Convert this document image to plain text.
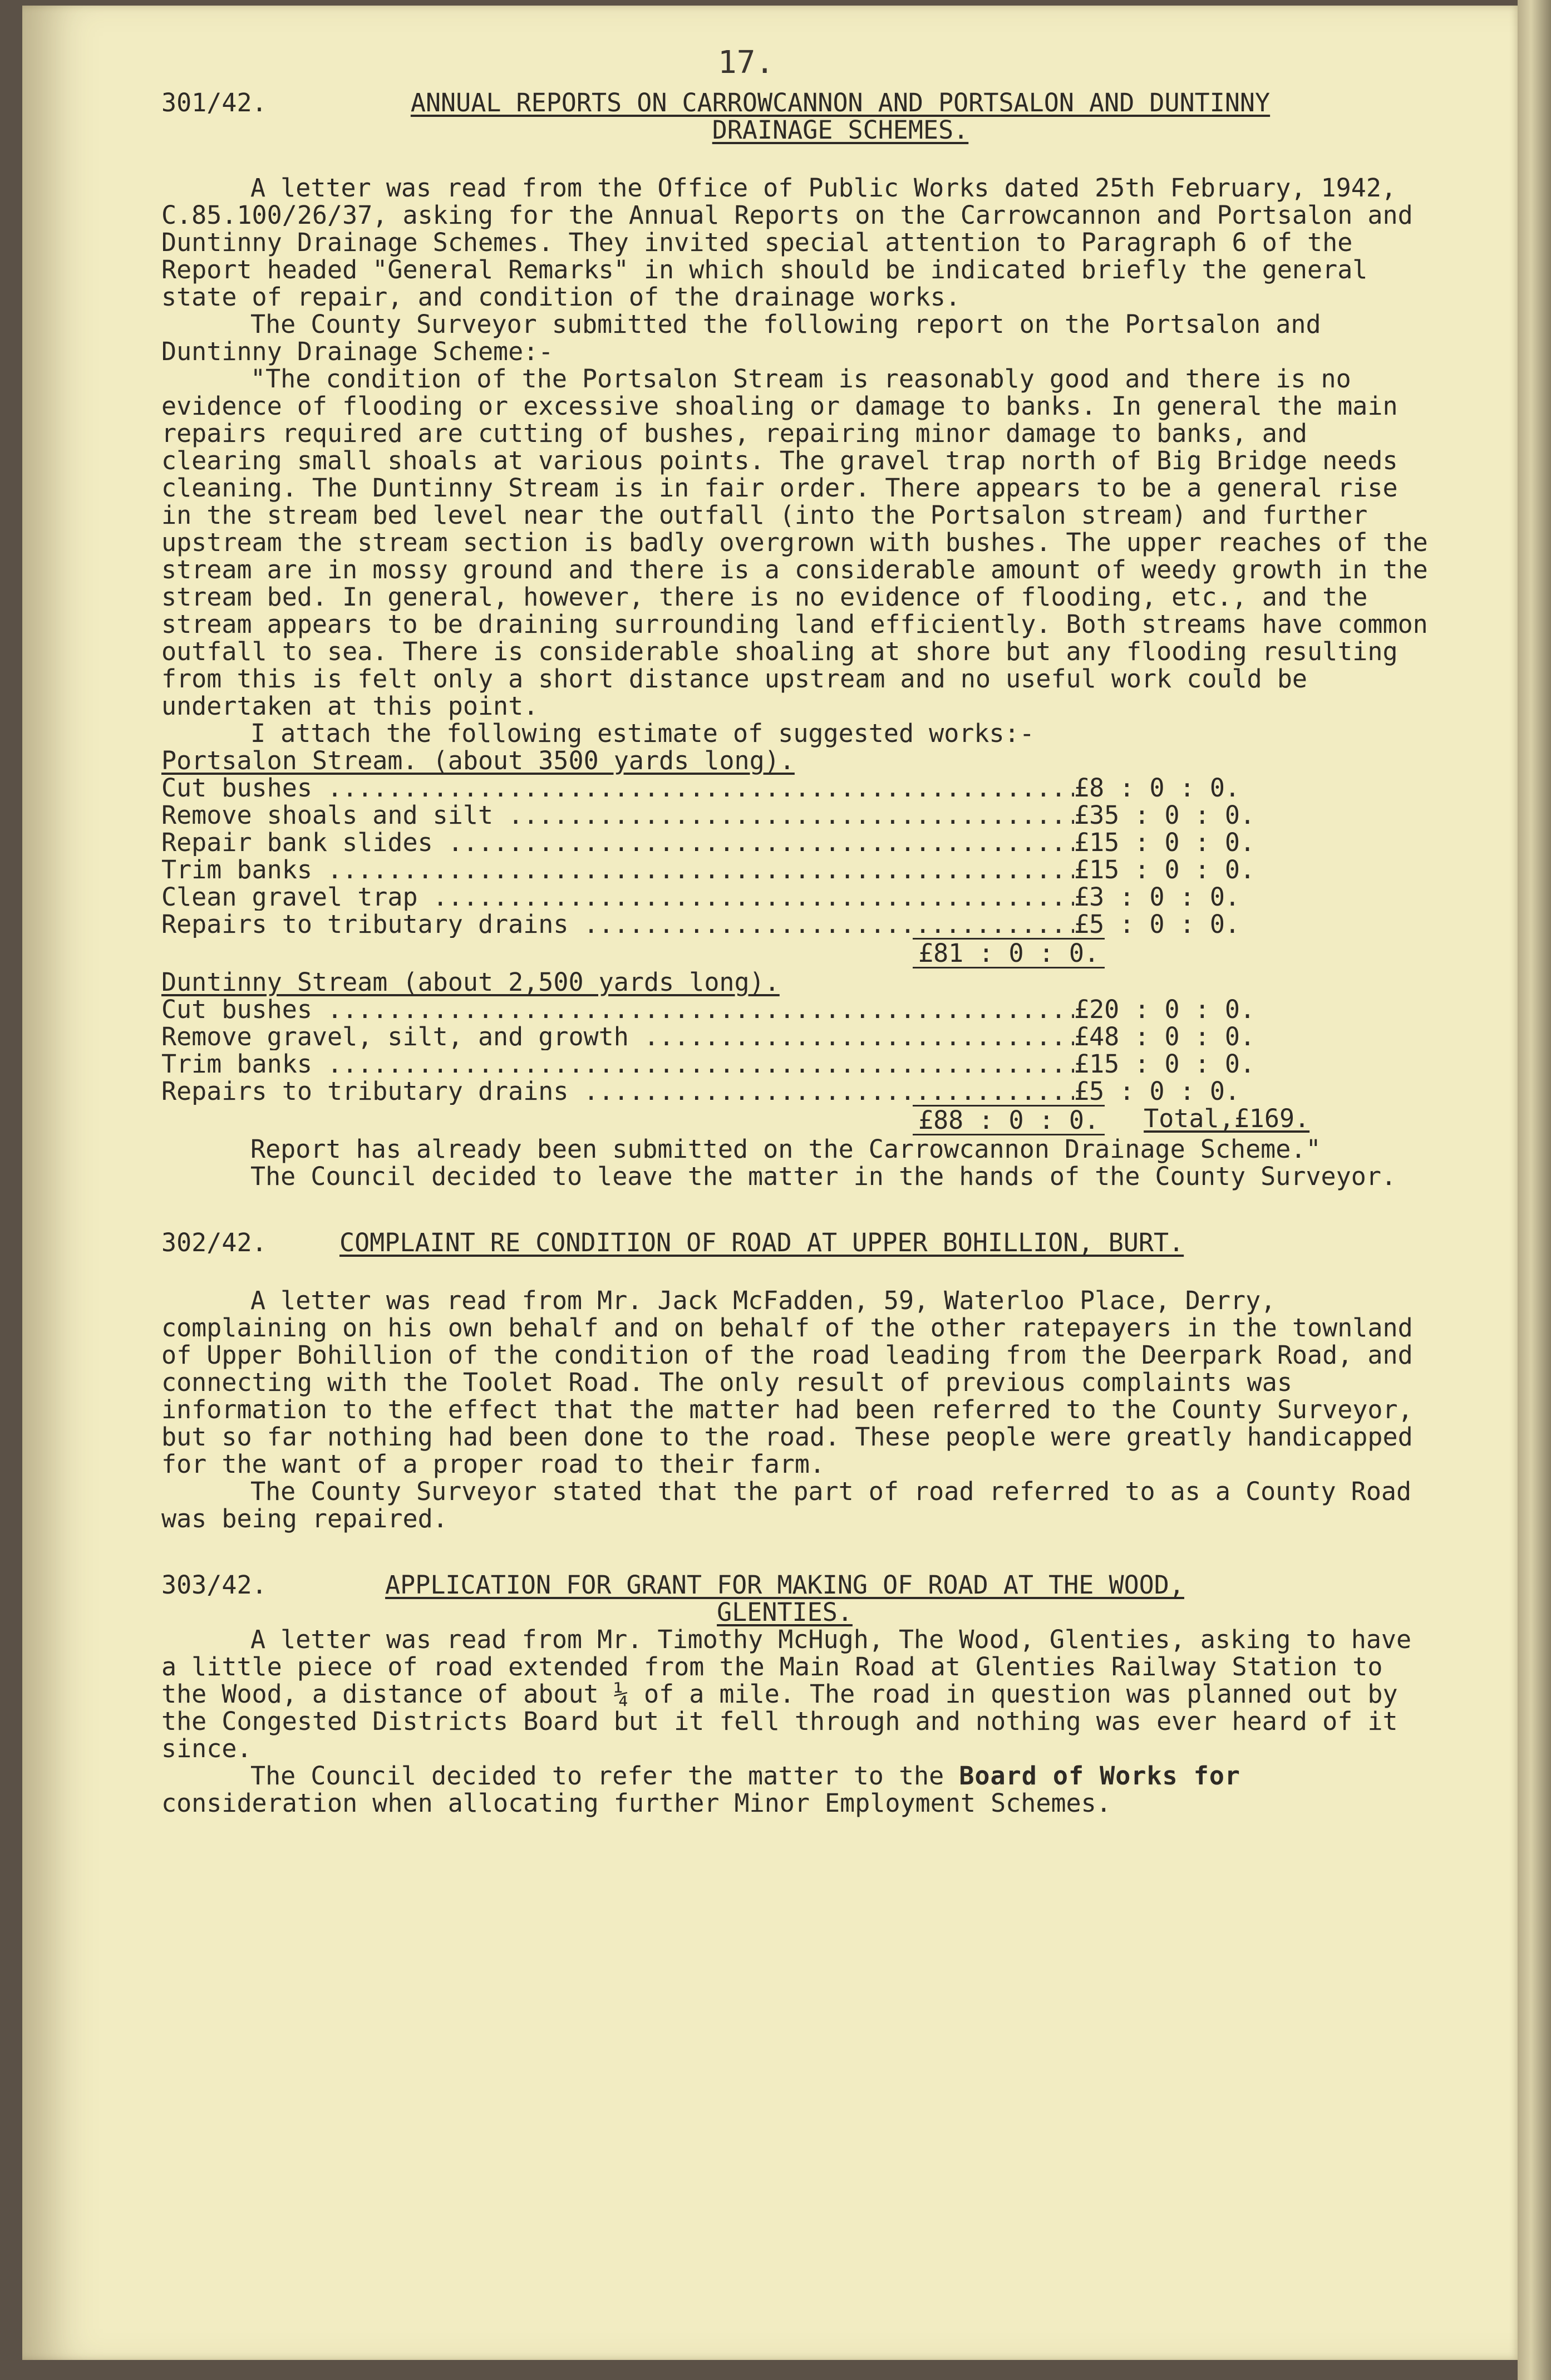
17.
301/42.	ANNUAL REPORTS ON CARROWCANNON AND PORTSALON AND DUNTINNY
DRAINAGE SCHEMES.

A letter was read from the Office of Public Works dated 25th February, 1942, C.85.100/26/37, asking for the Annual Reports on the Carrowcannon and Portsalon and Duntinny Drainage Schemes. They invited special attention to Paragraph 6 of the Report headed "General Remarks" in which should be indicated briefly the general state of repair, and condition of the drainage works.

The County Surveyor submitted the following report on the Portsalon and Duntinny Drainage Scheme:-

"The condition of the Portsalon Stream is reasonably good and there is no evidence of flooding or excessive shoaling or damage to banks. In general the main repairs required are cutting of bushes, repairing minor damage to banks, and clearing small shoals at various points. The gravel trap north of Big Bridge needs cleaning. The Duntinny Stream is in fair order. There appears to be a general rise in the stream bed level near the outfall (into the Portsalon stream) and further upstream the stream section is badly overgrown with bushes. The upper reaches of the stream are in mossy ground and there is a considerable amount of weedy growth in the stream bed. In general, however, there is no evidence of flooding, etc., and the stream appears to be draining surrounding land efficiently. Both streams have common outfall to sea. There is considerable shoaling at shore but any flooding resulting from this is felt only a short distance upstream and no useful work could be undertaken at this point.

I attach the following estimate of suggested works:-

Portsalon Stream. (about 3500 yards long).
Cut bushes .....	£8 : 0 : 0.
Remove shoals and silt .....	£35 : 0 : 0.
Repair bank slides .....	£15 : 0 : 0.
Trim banks .....	£15 : 0 : 0.
Clean gravel trap .....	£3 : 0 : 0.
Repairs to tributary drains .....	£5 : 0 : 0.
£81 : 0 : 0.
Duntinny Stream (about 2,500 yards long).
Cut bushes .....	£20 : 0 : 0.
Remove gravel, silt, and growth .....	£48 : 0 : 0.
Trim banks .....	£15 : 0 : 0.
Repairs to tributary drains .....	£5 : 0 : 0.
£88 : 0 : 0. Total,£169.

Report has already been submitted on the Carrowcannon Drainage Scheme."

The Council decided to leave the matter in the hands of the County Surveyor.

302/42.	COMPLAINT RE CONDITION OF ROAD AT UPPER BOHILLION, BURT.

A letter was read from Mr. Jack McFadden, 59, Waterloo Place, Derry, complaining on his own behalf and on behalf of the other ratepayers in the townland of Upper Bohillion of the condition of the road leading from the Deerpark Road, and connecting with the Toolet Road. The only result of previous complaints was information to the effect that the matter had been referred to the County Surveyor, but so far nothing had been done to the road. These people were greatly handicapped for the want of a proper road to their farm.

The County Surveyor stated that the part of road referred to as a County Road was being repaired.

303/42.	APPLICATION FOR GRANT FOR MAKING OF ROAD AT THE WOOD,
GLENTIES.

A letter was read from Mr. Timothy McHugh, The Wood, Glenties, asking to have a little piece of road extended from the Main Road at Glenties Railway Station to the Wood, a distance of about ¼ of a mile. The road in question was planned out by the Congested Districts Board but it fell through and nothing was ever heard of it since.

The Council decided to refer the matter to the Board of Works for consideration when allocating further Minor Employment Schemes.
